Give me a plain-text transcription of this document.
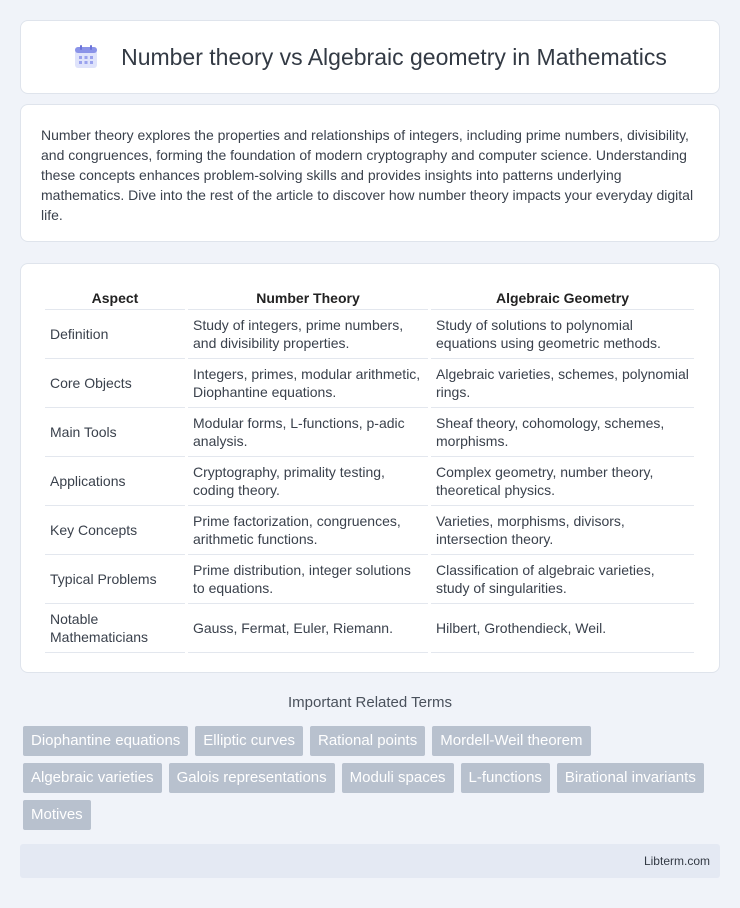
Number theory vs Algebraic geometry in Mathematics

Number theory explores the properties and relationships of integers, including prime numbers, divisibility, and congruences, forming the foundation of modern cryptography and computer science. Understanding these concepts enhances problem-solving skills and provides insights into patterns underlying mathematics. Dive into the rest of the article to discover how number theory impacts your everyday digital life.

Aspect	Number Theory	Algebraic Geometry
Definition	Study of integers, prime numbers, and divisibility properties.	Study of solutions to polynomial equations using geometric methods.
Core Objects	Integers, primes, modular arithmetic, Diophantine equations.	Algebraic varieties, schemes, polynomial rings.
Main Tools	Modular forms, L-functions, p-adic analysis.	Sheaf theory, cohomology, schemes, morphisms.
Applications	Cryptography, primality testing, coding theory.	Complex geometry, number theory, theoretical physics.
Key Concepts	Prime factorization, congruences, arithmetic functions.	Varieties, morphisms, divisors, intersection theory.
Typical Problems	Prime distribution, integer solutions to equations.	Classification of algebraic varieties, study of singularities.
Notable Mathematicians	Gauss, Fermat, Euler, Riemann.	Hilbert, Grothendieck, Weil.
Important Related Terms
Diophantine equations	Elliptic curves	Rational points	Mordell-Weil theorem
Algebraic varieties	Galois representations	Moduli spaces	L-functions	Birational invariants
Motives
Libterm.com
